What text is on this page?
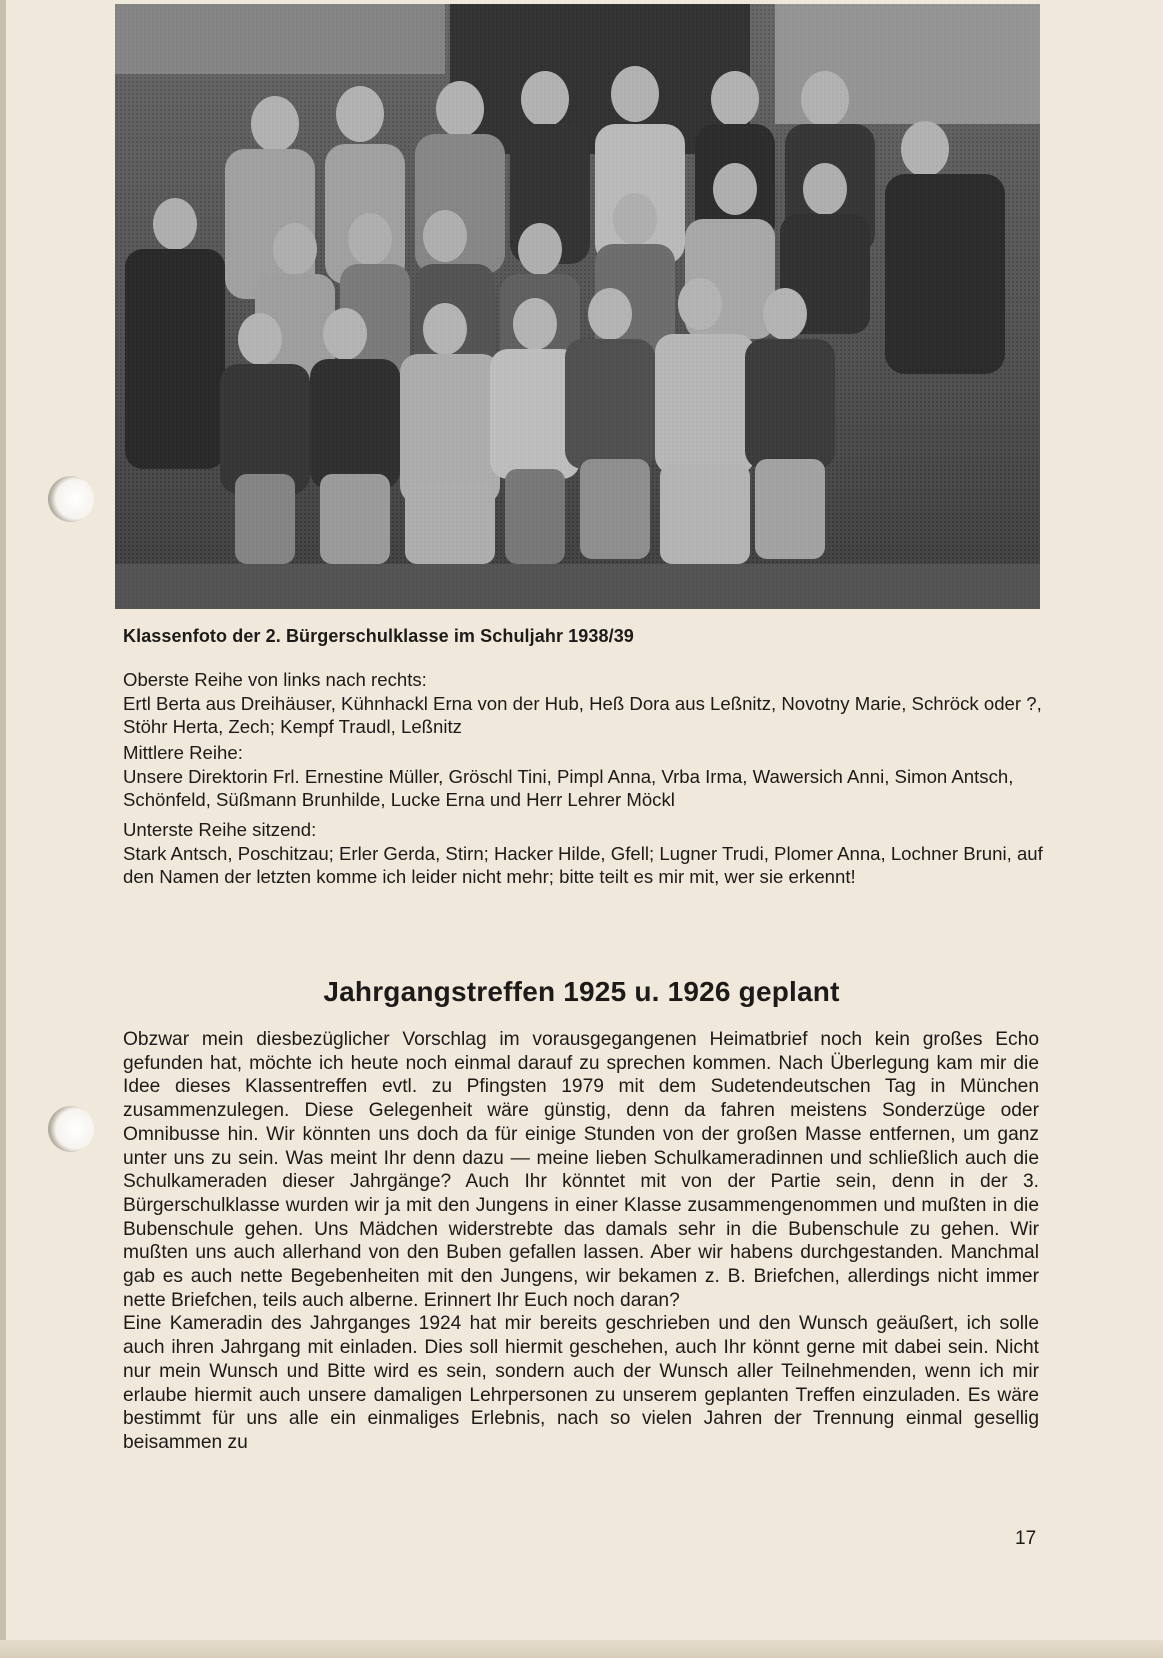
Klassenfoto der 2. Bürgerschulklasse im Schuljahr 1938/39

Oberste Reihe von links nach rechts:

Ertl Berta aus Dreihäuser, Kühnhackl Erna von der Hub, Heß Dora aus Leßnitz, Novotny Marie, Schröck oder ?, Stöhr Herta, Zech; Kempf Traudl, Leßnitz

Mittlere Reihe:

Unsere Direktorin Frl. Ernestine Müller, Gröschl Tini, Pimpl Anna, Vrba Irma, Wawersich Anni, Simon Antsch, Schönfeld, Süßmann Brunhilde, Lucke Erna und Herr Lehrer Möckl

Unterste Reihe sitzend:

Stark Antsch, Poschitzau; Erler Gerda, Stirn; Hacker Hilde, Gfell; Lugner Trudi, Plomer Anna, Lochner Bruni, auf den Namen der letzten komme ich leider nicht mehr; bitte teilt es mir mit, wer sie erkennt!

Jahrgangstreffen 1925 u. 1926 geplant

Obzwar mein diesbezüglicher Vorschlag im vorausgegangenen Heimatbrief noch kein großes Echo gefunden hat, möchte ich heute noch einmal darauf zu sprechen kommen. Nach Überlegung kam mir die Idee dieses Klassentreffen evtl. zu Pfingsten 1979 mit dem Sudetendeutschen Tag in München zusammenzulegen. Diese Gelegenheit wäre günstig, denn da fahren meistens Sonderzüge oder Omnibusse hin. Wir könnten uns doch da für einige Stunden von der großen Masse entfernen, um ganz unter uns zu sein. Was meint Ihr denn dazu — meine lieben Schulkameradinnen und schließlich auch die Schulkameraden dieser Jahrgänge? Auch Ihr könntet mit von der Partie sein, denn in der 3. Bürgerschulklasse wurden wir ja mit den Jungens in einer Klasse zusammengenommen und mußten in die Bubenschule gehen. Uns Mädchen widerstrebte das damals sehr in die Bubenschule zu gehen. Wir mußten uns auch allerhand von den Buben gefallen lassen. Aber wir habens durchgestanden. Manchmal gab es auch nette Begebenheiten mit den Jungens, wir bekamen z. B. Briefchen, allerdings nicht immer nette Briefchen, teils auch alberne. Erinnert Ihr Euch noch daran?

Eine Kameradin des Jahrganges 1924 hat mir bereits geschrieben und den Wunsch geäußert, ich solle auch ihren Jahrgang mit einladen. Dies soll hiermit geschehen, auch Ihr könnt gerne mit dabei sein. Nicht nur mein Wunsch und Bitte wird es sein, sondern auch der Wunsch aller Teilnehmenden, wenn ich mir erlaube hiermit auch unsere damaligen Lehrpersonen zu unserem geplanten Treffen einzuladen. Es wäre bestimmt für uns alle ein einmaliges Erlebnis, nach so vielen Jahren der Trennung einmal gesellig beisammen zu

17
